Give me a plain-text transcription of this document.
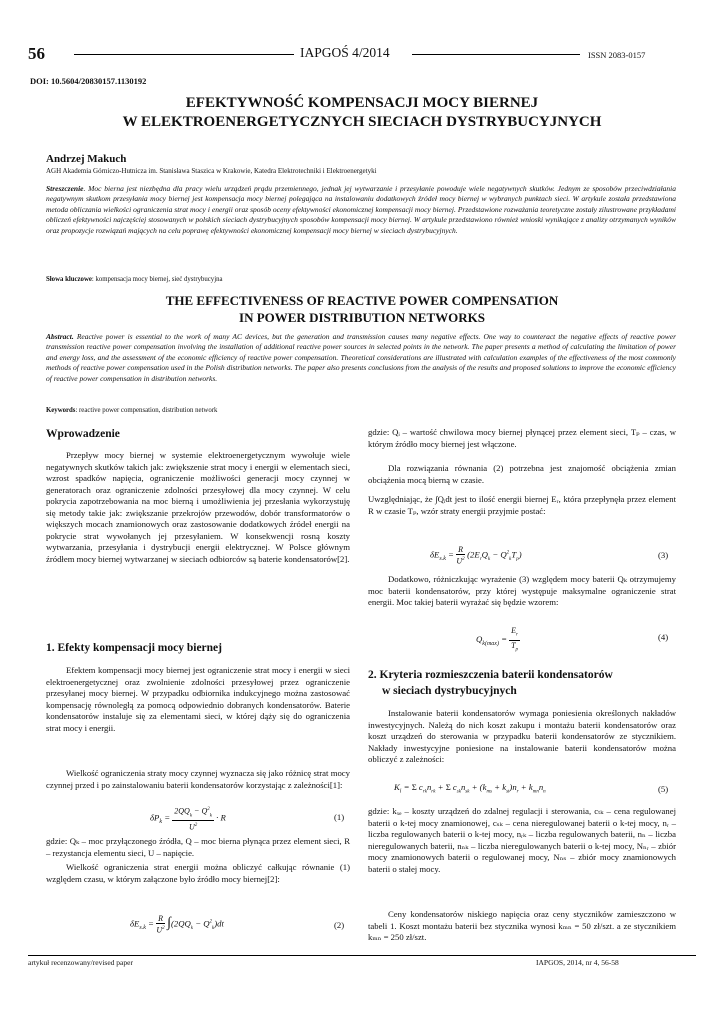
56	IAPGOŚ 4/2014	ISSN 2083-0157
DOI: 10.5604/20830157.1130192
EFEKTYWNOŚĆ KOMPENSACJI MOCY BIERNEJ
W ELEKTROENERGETYCZNYCH SIECIACH DYSTRYBUCYJNYCH
Andrzej Makuch
AGH Akademia Górniczo-Hutnicza im. Stanisława Staszica w Krakowie, Katedra Elektrotechniki i Elektroenergetyki
Streszczenie. Moc bierna jest niezbędna dla pracy wielu urządzeń prądu przemiennego, jednak jej wytwarzanie i przesyłanie powoduje wiele negatywnych skutków. Jednym ze sposobów przeciwdziałania negatywnym skutkom przesyłania mocy biernej jest kompensacja mocy biernej polegająca na instalowaniu dodatkowych źródeł mocy biernej w wybranych punktach sieci. W artykule została przedstawiona metoda obliczania wielkości ograniczenia strat mocy i energii oraz sposób oceny efektywności ekonomicznej kompensacji mocy biernej. Przedstawione rozważania teoretyczne zostały zilustrowane przykładami obliczeń efektywności najczęściej stosowanych w polskich sieciach dystrybucyjnych sposobów kompensacji mocy biernej. W artykule przedstawiono również wnioski wynikające z analizy otrzymanych wyników oraz propozycje rozwiązań mających na celu poprawę efektywności ekonomicznej kompensacji mocy biernej w sieciach dystrybucyjnych.
Słowa kluczowe: kompensacja mocy biernej, sieć dystrybucyjna
THE EFFECTIVENESS OF REACTIVE POWER COMPENSATION
IN POWER DISTRIBUTION NETWORKS
Abstract. Reactive power is essential to the work of many AC devices, but the generation and transmission causes many negative effects. One way to counteract the negative effects of reactive power transmission reactive power compensation involving the installation of additional reactive power sources in selected points in the network. The paper presents a method of calculating the limitation of power and energy loss, and the assessment of the economic efficiency of reactive power compensation. Theoretical considerations are illustrated with calculation examples of the effectiveness of the most commonly methods of reactive power compensation used in the Polish distribution networks. The paper also presents conclusions from the analysis of the results and proposed solutions to improve the economic efficiency of reactive power compensation in distribution networks.
Keywords: reactive power compensation, distribution network
Wprowadzenie

Przepływ mocy biernej w systemie elektroenergetycznym wywołuje wiele negatywnych skutków takich jak: zwiększenie strat mocy i energii w elementach sieci, wzrost spadków napięcia, ograniczenie możliwości generacji mocy czynnej w generatorach oraz ograniczenie zdolności przesyłowej dla mocy czynnej. W celu pokrycia zapotrzebowania na moc bierną i umożliwienia jej przesłania wykorzystuję się metody takie jak: zwiększanie przekrojów przewodów, dobór transformatorów o większych mocach znamionowych oraz zastosowanie dodatkowych źródeł energii na pokrycie strat wywołanych jej przesyłaniem. W konsekwencji rosną koszty wytwarzania, przesyłania i dystrybucji energii elektrycznej. W Polsce głównym źródłem mocy biernej wytwarzanej w sieciach odbiorców są baterie kondensatorów[2].

1. Efekty kompensacji mocy biernej

Efektem kompensacji mocy biernej jest ograniczenie strat mocy i energii w sieci elektroenergetycznej oraz zwolnienie zdolności przesyłowej przez ograniczenie przesyłanej mocy biernej. W przypadku odbiornika indukcyjnego można zastosować kompensację równoległą za pomocą odpowiednio dobranych kondensatorów. Baterie kondensatorów instaluje się za elementami sieci, w której dąży się do ograniczenia strat mocy i energii.

Wielkość ograniczenia straty mocy czynnej wyznacza się jako różnicę strat mocy czynnej przed i po zainstalowaniu baterii kondensatorów korzystając z zależności[1]:

$\delta P_k = \frac{2QQ_k - Q^2_k}{U^2} \cdot R$	(1)

gdzie: Qₖ – moc przyłączonego źródła, Q – moc bierna płynąca przez element sieci, R – rezystancja elementu sieci, U – napięcie.

Wielkość ograniczenia strat energii można obliczyć całkując równanie (1) względem czasu, w którym załączone było źródło mocy biernej[2]:

$\delta E_{s.k} = \frac{R}{U^2} \int(2QQ_k - Q^2_k)dt$	(2)

gdzie: Qᵢ – wartość chwilowa mocy biernej płynącej przez element sieci, Tₚ – czas, w którym źródło mocy biernej jest włączone.

Dla rozwiązania równania (2) potrzebna jest znajomość obciążenia zmian obciążenia mocą bierną w czasie.

Uwzględniając, że ∫Qᵢdt jest to ilość energii biernej Eᵣ, która przepłynęła przez element R w czasie Tₚ, wzór straty energii przyjmie postać:

$\delta E_{s.k} = \frac{R}{U^2} (2E_rQ_k - Q^2_kT_p)$	(3)

Dodatkowo, różniczkując wyrażenie (3) względem mocy baterii Qₖ otrzymujemy moc baterii kondensatorów, przy której występuje maksymalne ograniczenie strat energii. Moc takiej baterii wyrażać się będzie wzorem:

$Q_{k(max)} = \frac{E_r}{T_p}$	(4)
2. Kryteria rozmieszczenia baterii kondensatorów
w sieciach dystrybucyjnych

Instalowanie baterii kondensatorów wymaga poniesienia określonych nakładów inwestycyjnych. Należą do nich koszt zakupu i montażu baterii kondensatorów oraz koszt urządzeń do sterowania w przypadku baterii kondensatorów ze stycznikiem. Nakłady inwestycyjne poniesione na instalowanie baterii kondensatorów można obliczyć z zależności:

$K_i = \Sigma$ $c_{rk}n_{rk} + \Sigma$ $c_{sk}n_{sk} + (k_{ms} + k_{st})n_r + k_{mn}n_n$	(5)

gdzie: kₓₑ – koszty urządzeń do zdalnej regulacji i sterowania, cₜₖ – cena regulowanej baterii o k-tej mocy znamionowej, cₛₖ – cena nieregulowanej baterii o k-tej mocy, nᵣ – liczba regulowanych baterii o k-tej mocy, nᵣₖ – liczba regulowanych baterii, nₙ – liczba nieregulowanych baterii, nₙₖ – liczba nieregulowanych baterii o k-tej mocy, Nₙᵣ – zbiór mocy znamionowych baterii o regulowanej mocy, Nₙₛ – zbiór mocy znamionowych baterii o stałej mocy.

Ceny kondensatorów niskiego napięcia oraz ceny styczników zamieszczono w tabeli 1. Koszt montażu baterii bez stycznika wynosi kₘₙ = 50 zł/szt. a ze stycznikiem kₘₙ = 250 zł/szt.

artykuł recenzowany/revised paper	IAPGOS, 2014, nr 4, 56-58
